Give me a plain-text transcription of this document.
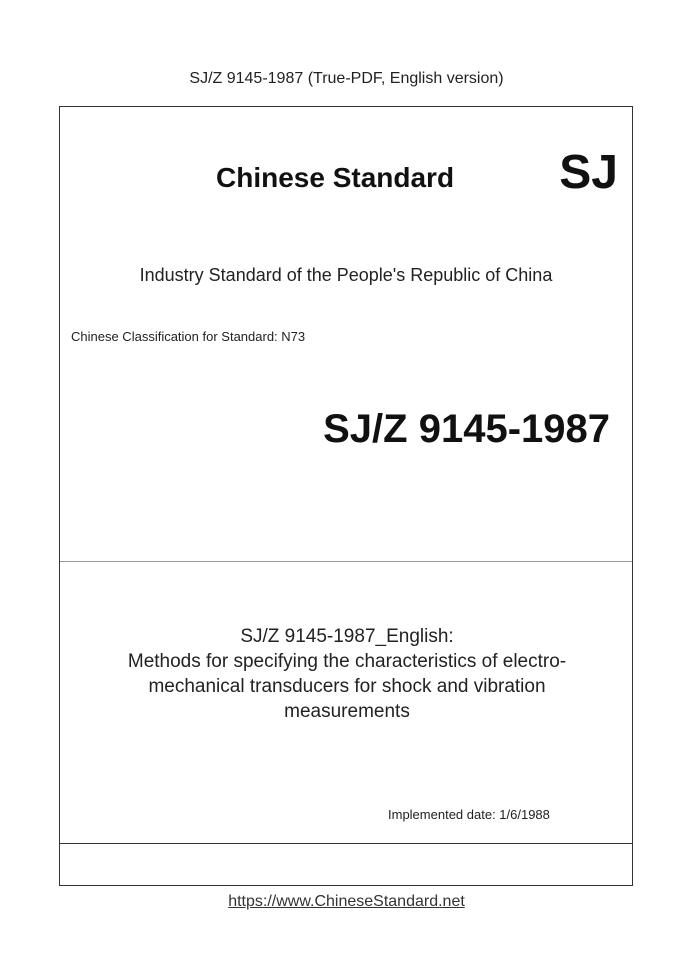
SJ/Z 9145-1987 (True-PDF, English version)
Chinese Standard SJ
Industry Standard of the People's Republic of China
Chinese Classification for Standard: N73
SJ/Z 9145-1987
SJ/Z 9145-1987_English:
Methods for specifying the characteristics of electro-
mechanical transducers for shock and vibration
measurements
Implemented date: 1/6/1988
https://www.ChineseStandard.net
